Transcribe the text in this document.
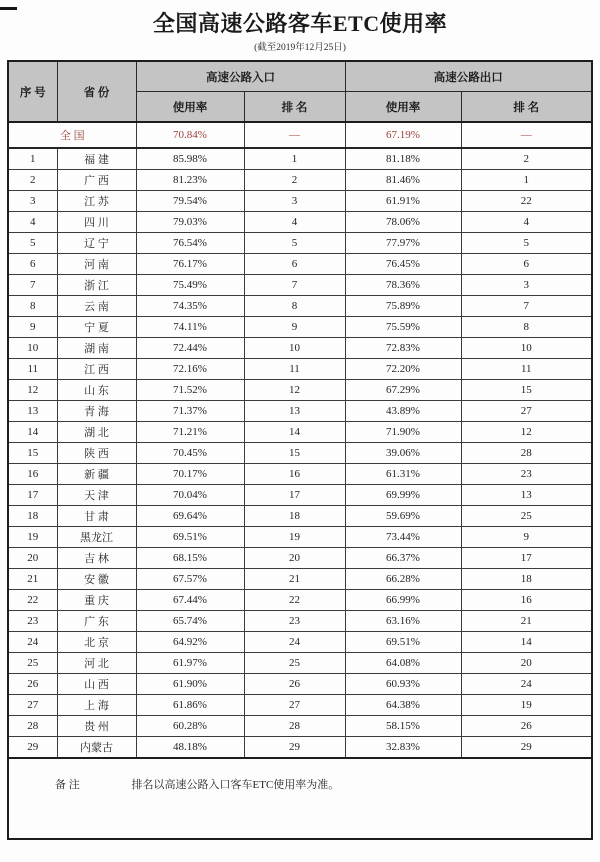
全国高速公路客车ETC使用率
(截至2019年12月25日)
序 号	省 份	高速公路入口		高速公路出口	
		使用率	排 名	使用率	排 名
全 国		70.84%	—	67.19%	—
1	福 建	85.98%	1	81.18%	2
2	广 西	81.23%	2	81.46%	1
3	江 苏	79.54%	3	61.91%	22
4	四 川	79.03%	4	78.06%	4
5	辽 宁	76.54%	5	77.97%	5
6	河 南	76.17%	6	76.45%	6
7	浙 江	75.49%	7	78.36%	3
8	云 南	74.35%	8	75.89%	7
9	宁 夏	74.11%	9	75.59%	8
10	湖 南	72.44%	10	72.83%	10
11	江 西	72.16%	11	72.20%	11
12	山 东	71.52%	12	67.29%	15
13	青 海	71.37%	13	43.89%	27
14	湖 北	71.21%	14	71.90%	12
15	陕 西	70.45%	15	39.06%	28
16	新 疆	70.17%	16	61.31%	23
17	天 津	70.04%	17	69.99%	13
18	甘 肃	69.64%	18	59.69%	25
19	黑龙江	69.51%	19	73.44%	9
20	吉 林	68.15%	20	66.37%	17
21	安 徽	67.57%	21	66.28%	18
22	重 庆	67.44%	22	66.99%	16
23	广 东	65.74%	23	63.16%	21
24	北 京	64.92%	24	69.51%	14
25	河 北	61.97%	25	64.08%	20
26	山 西	61.90%	26	60.93%	24
27	上 海	61.86%	27	64.38%	19
28	贵 州	60.28%	28	58.15%	26
29	内蒙古	48.18%	29	32.83%	29
备 注 排名以高速公路入口客车ETC使用率为准。					
